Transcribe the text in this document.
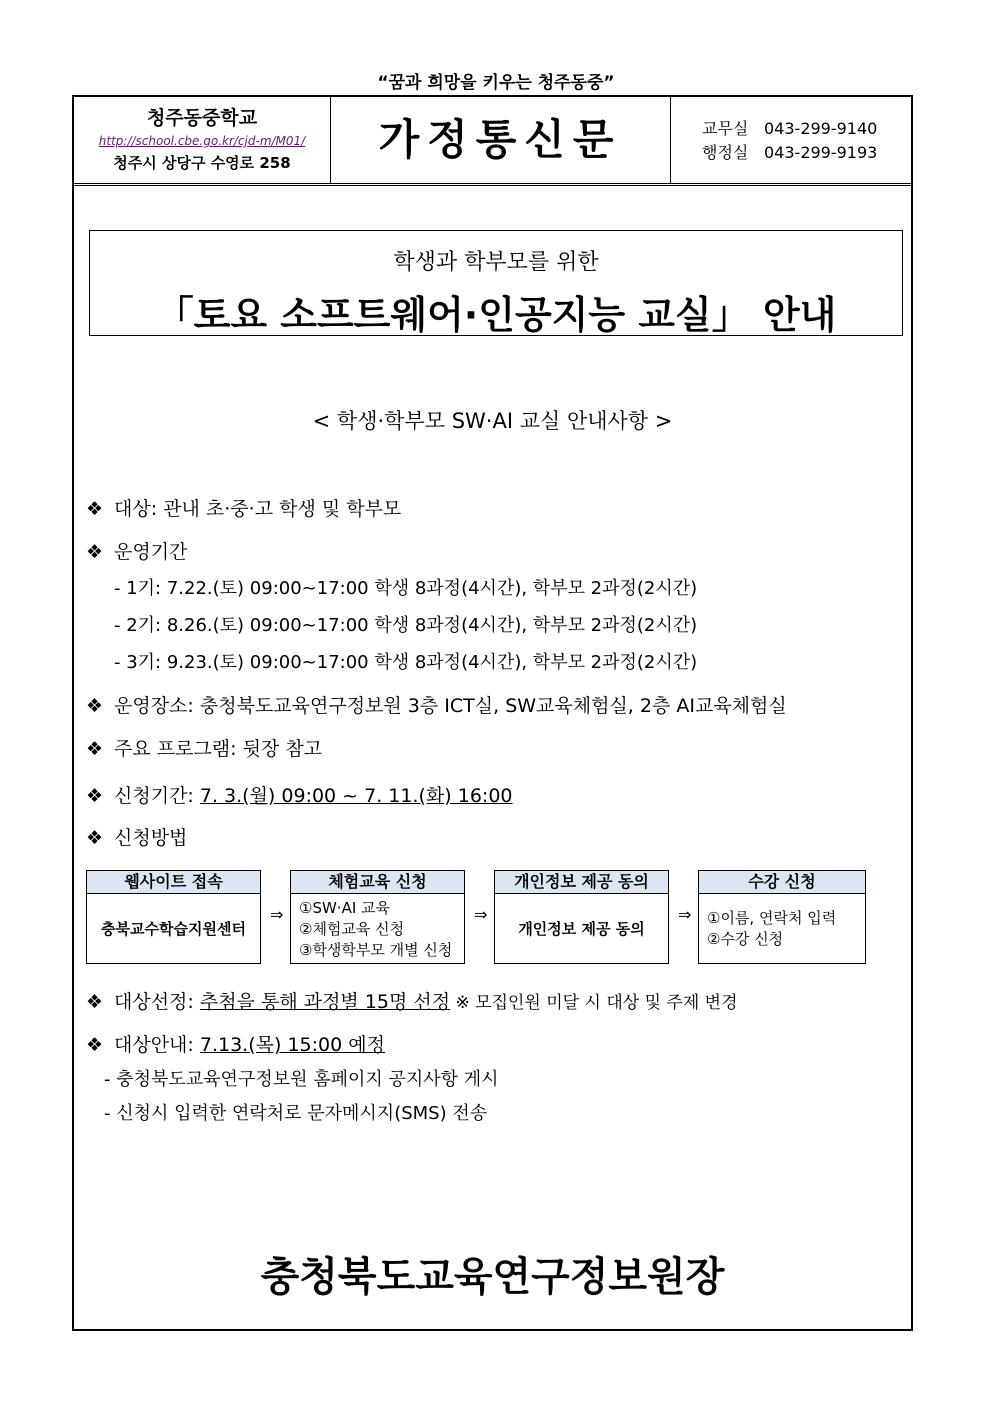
“꿈과 희망을 키우는 청주동중”
청주동중학교
http://school.cbe.go.kr/cjd-m/M01/
청주시 상당구 수영로 258	가정통신문	교무실 043-299-9140
행정실 043-299-9193
학생과 학부모를 위한
「토요 소프트웨어·인공지능 교실」 안내
< 학생·학부모 SW·AI 교실 안내사항 >
❖ 대상: 관내 초·중·고 학생 및 학부모
❖ 운영기간
- 1기: 7.22.(토) 09:00~17:00 학생 8과정(4시간), 학부모 2과정(2시간)
- 2기: 8.26.(토) 09:00~17:00 학생 8과정(4시간), 학부모 2과정(2시간)
- 3기: 9.23.(토) 09:00~17:00 학생 8과정(4시간), 학부모 2과정(2시간)
❖ 운영장소: 충청북도교육연구정보원 3층 ICT실, SW교육체험실, 2층 AI교육체험실
❖ 주요 프로그램: 뒷장 참고
❖ 신청기간: 7. 3.(월) 09:00 ~ 7. 11.(화) 16:00
❖ 신청방법
웹사이트 접속
충북교수학습지원센터
⇒
체험교육 신청
①SW·AI 교육
②체험교육 신청
③학생학부모 개별 신청
⇒
개인정보 제공 동의
개인정보 제공 동의
⇒
수강 신청
①이름, 연락처 입력
②수강 신청
❖ 대상선정: 추첨을 통해 과정별 15명 선정 ※ 모집인원 미달 시 대상 및 주제 변경
❖ 대상안내: 7.13.(목) 15:00 예정
- 충청북도교육연구정보원 홈페이지 공지사항 게시
- 신청시 입력한 연락처로 문자메시지(SMS) 전송
충청북도교육연구정보원장
